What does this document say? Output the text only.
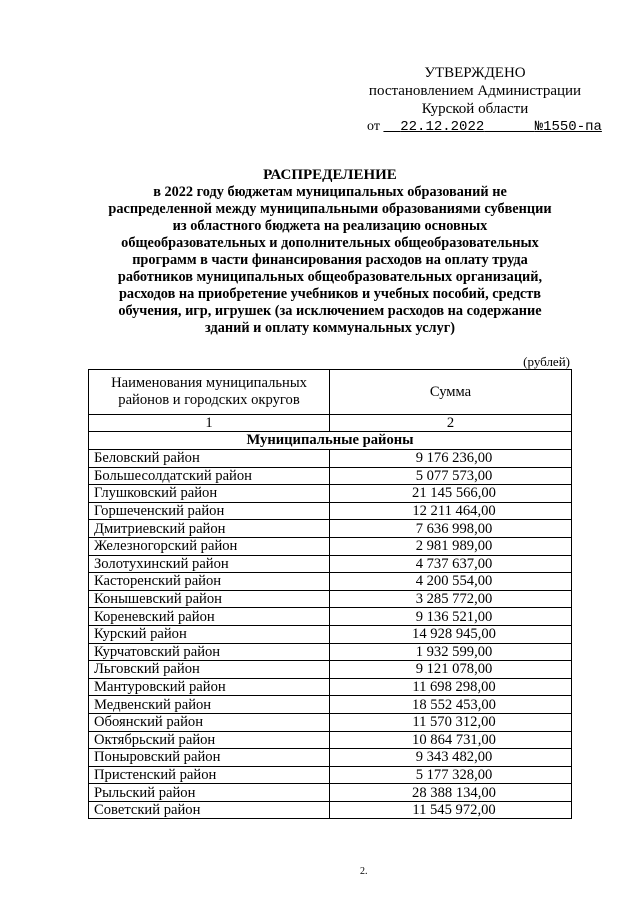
УТВЕРЖДЕНО
постановлением Администрации
Курской области
от 22.12.2022	№1550-па
РАСПРЕДЕЛЕНИЕ
в 2022 году бюджетам муниципальных образований не
распределенной между муниципальными образованиями субвенции
из областного бюджета на реализацию основных
общеобразовательных и дополнительных общеобразовательных
программ в части финансирования расходов на оплату труда
работников муниципальных общеобразовательных организаций,
расходов на приобретение учебников и учебных пособий, средств
обучения, игр, игрушек (за исключением расходов на содержание
зданий и оплату коммунальных услуг)
(рублей)
Наименования муниципальных районов и городских округов	Сумма
1	2
Муниципальные районы	
Беловский район	9 176 236,00
Большесолдатский район	5 077 573,00
Глушковский район	21 145 566,00
Горшеченский район	12 211 464,00
Дмитриевский район	7 636 998,00
Железногорский район	2 981 989,00
Золотухинский район	4 737 637,00
Касторенский район	4 200 554,00
Конышевский район	3 285 772,00
Кореневский район	9 136 521,00
Курский район	14 928 945,00
Курчатовский район	1 932 599,00
Льговский район	9 121 078,00
Мантуровский район	11 698 298,00
Медвенский район	18 552 453,00
Обоянский район	11 570 312,00
Октябрьский район	10 864 731,00
Поныровский район	9 343 482,00
Пристенский район	5 177 328,00
Рыльский район	28 388 134,00
Советский район	11 545 972,00
2.
